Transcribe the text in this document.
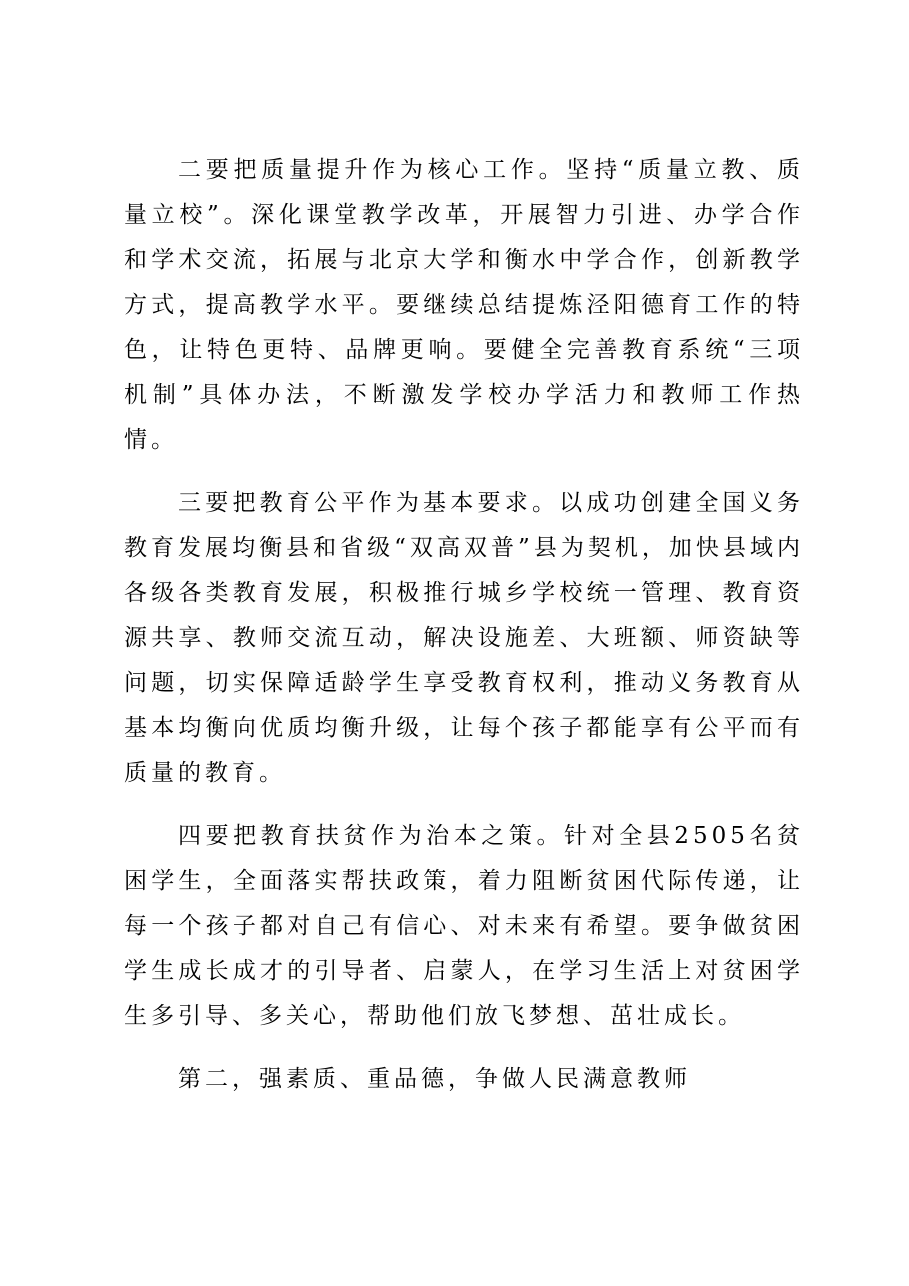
二要把质量提升作为核心工作。坚持“质量立教、质量立校”。深化课堂教学改革，开展智力引进、办学合作和学术交流，拓展与北京大学和衡水中学合作，创新教学方式，提高教学水平。要继续总结提炼泾阳德育工作的特色，让特色更特、品牌更响。要健全完善教育系统“三项机制”具体办法，不断激发学校办学活力和教师工作热情。

三要把教育公平作为基本要求。以成功创建全国义务教育发展均衡县和省级“双高双普”县为契机，加快县域内各级各类教育发展，积极推行城乡学校统一管理、教育资源共享、教师交流互动，解决设施差、大班额、师资缺等问题，切实保障适龄学生享受教育权利，推动义务教育从基本均衡向优质均衡升级，让每个孩子都能享有公平而有质量的教育。

四要把教育扶贫作为治本之策。针对全县2505名贫困学生，全面落实帮扶政策，着力阻断贫困代际传递，让每一个孩子都对自己有信心、对未来有希望。要争做贫困学生成长成才的引导者、启蒙人，在学习生活上对贫困学生多引导、多关心，帮助他们放飞梦想、茁壮成长。

第二，强素质、重品德，争做人民满意教师
